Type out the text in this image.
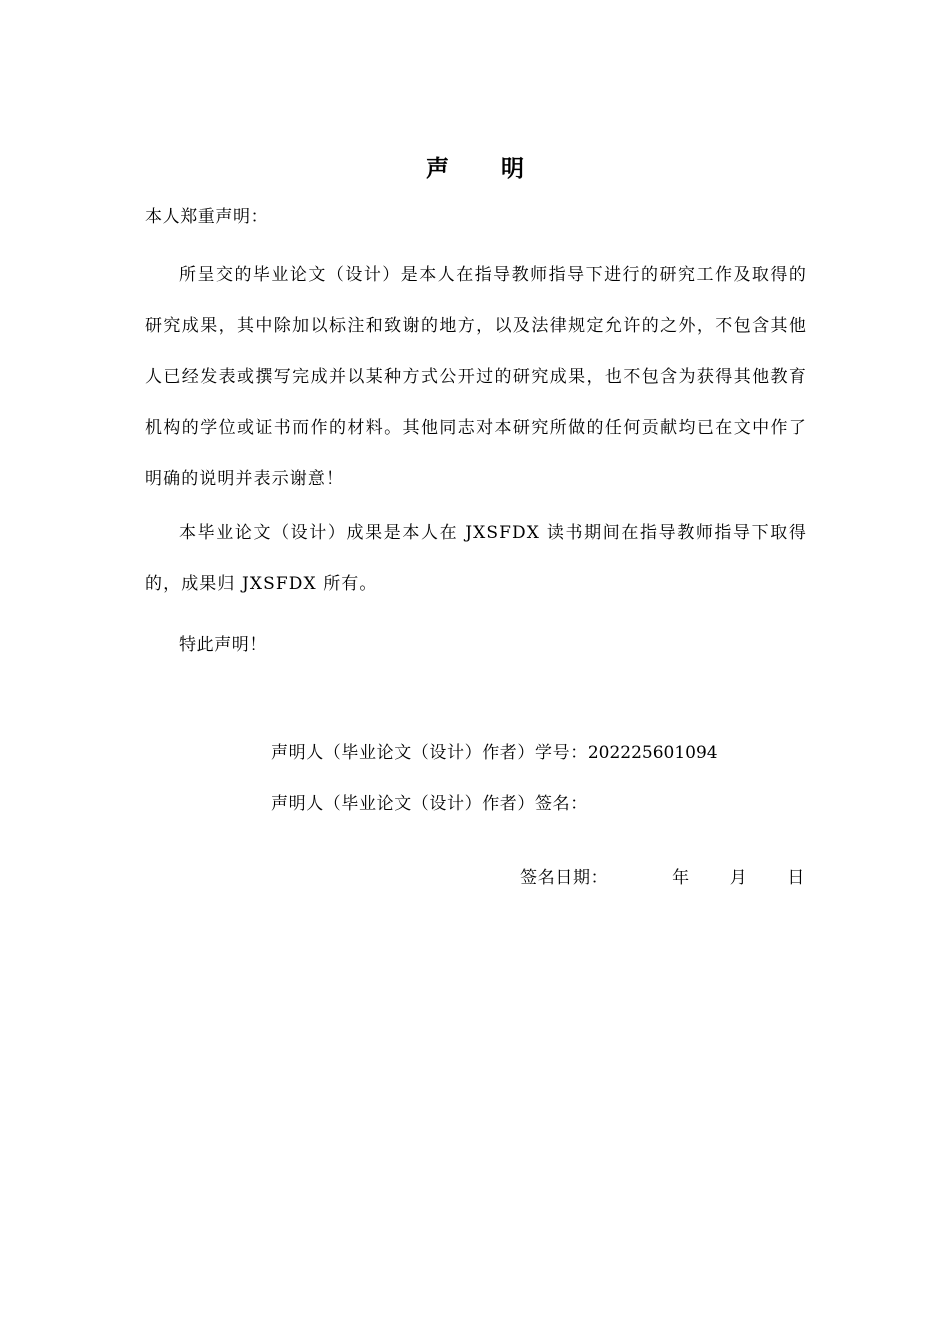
声 明
本人郑重声明：
所呈交的毕业论文（设计）是本人在指导教师指导下进行的研究工作及取得的研究成果，其中除加以标注和致谢的地方，以及法律规定允许的之外，不包含其他人已经发表或撰写完成并以某种方式公开过的研究成果，也不包含为获得其他教育机构的学位或证书而作的材料。其他同志对本研究所做的任何贡献均已在文中作了明确的说明并表示谢意！
本毕业论文（设计）成果是本人在 JXSFDX 读书期间在指导教师指导下取得的，成果归 JXSFDX 所有。
特此声明！
声明人（毕业论文（设计）作者）学号：202225601094
声明人（毕业论文（设计）作者）签名：
签名日期：	年 月 日
